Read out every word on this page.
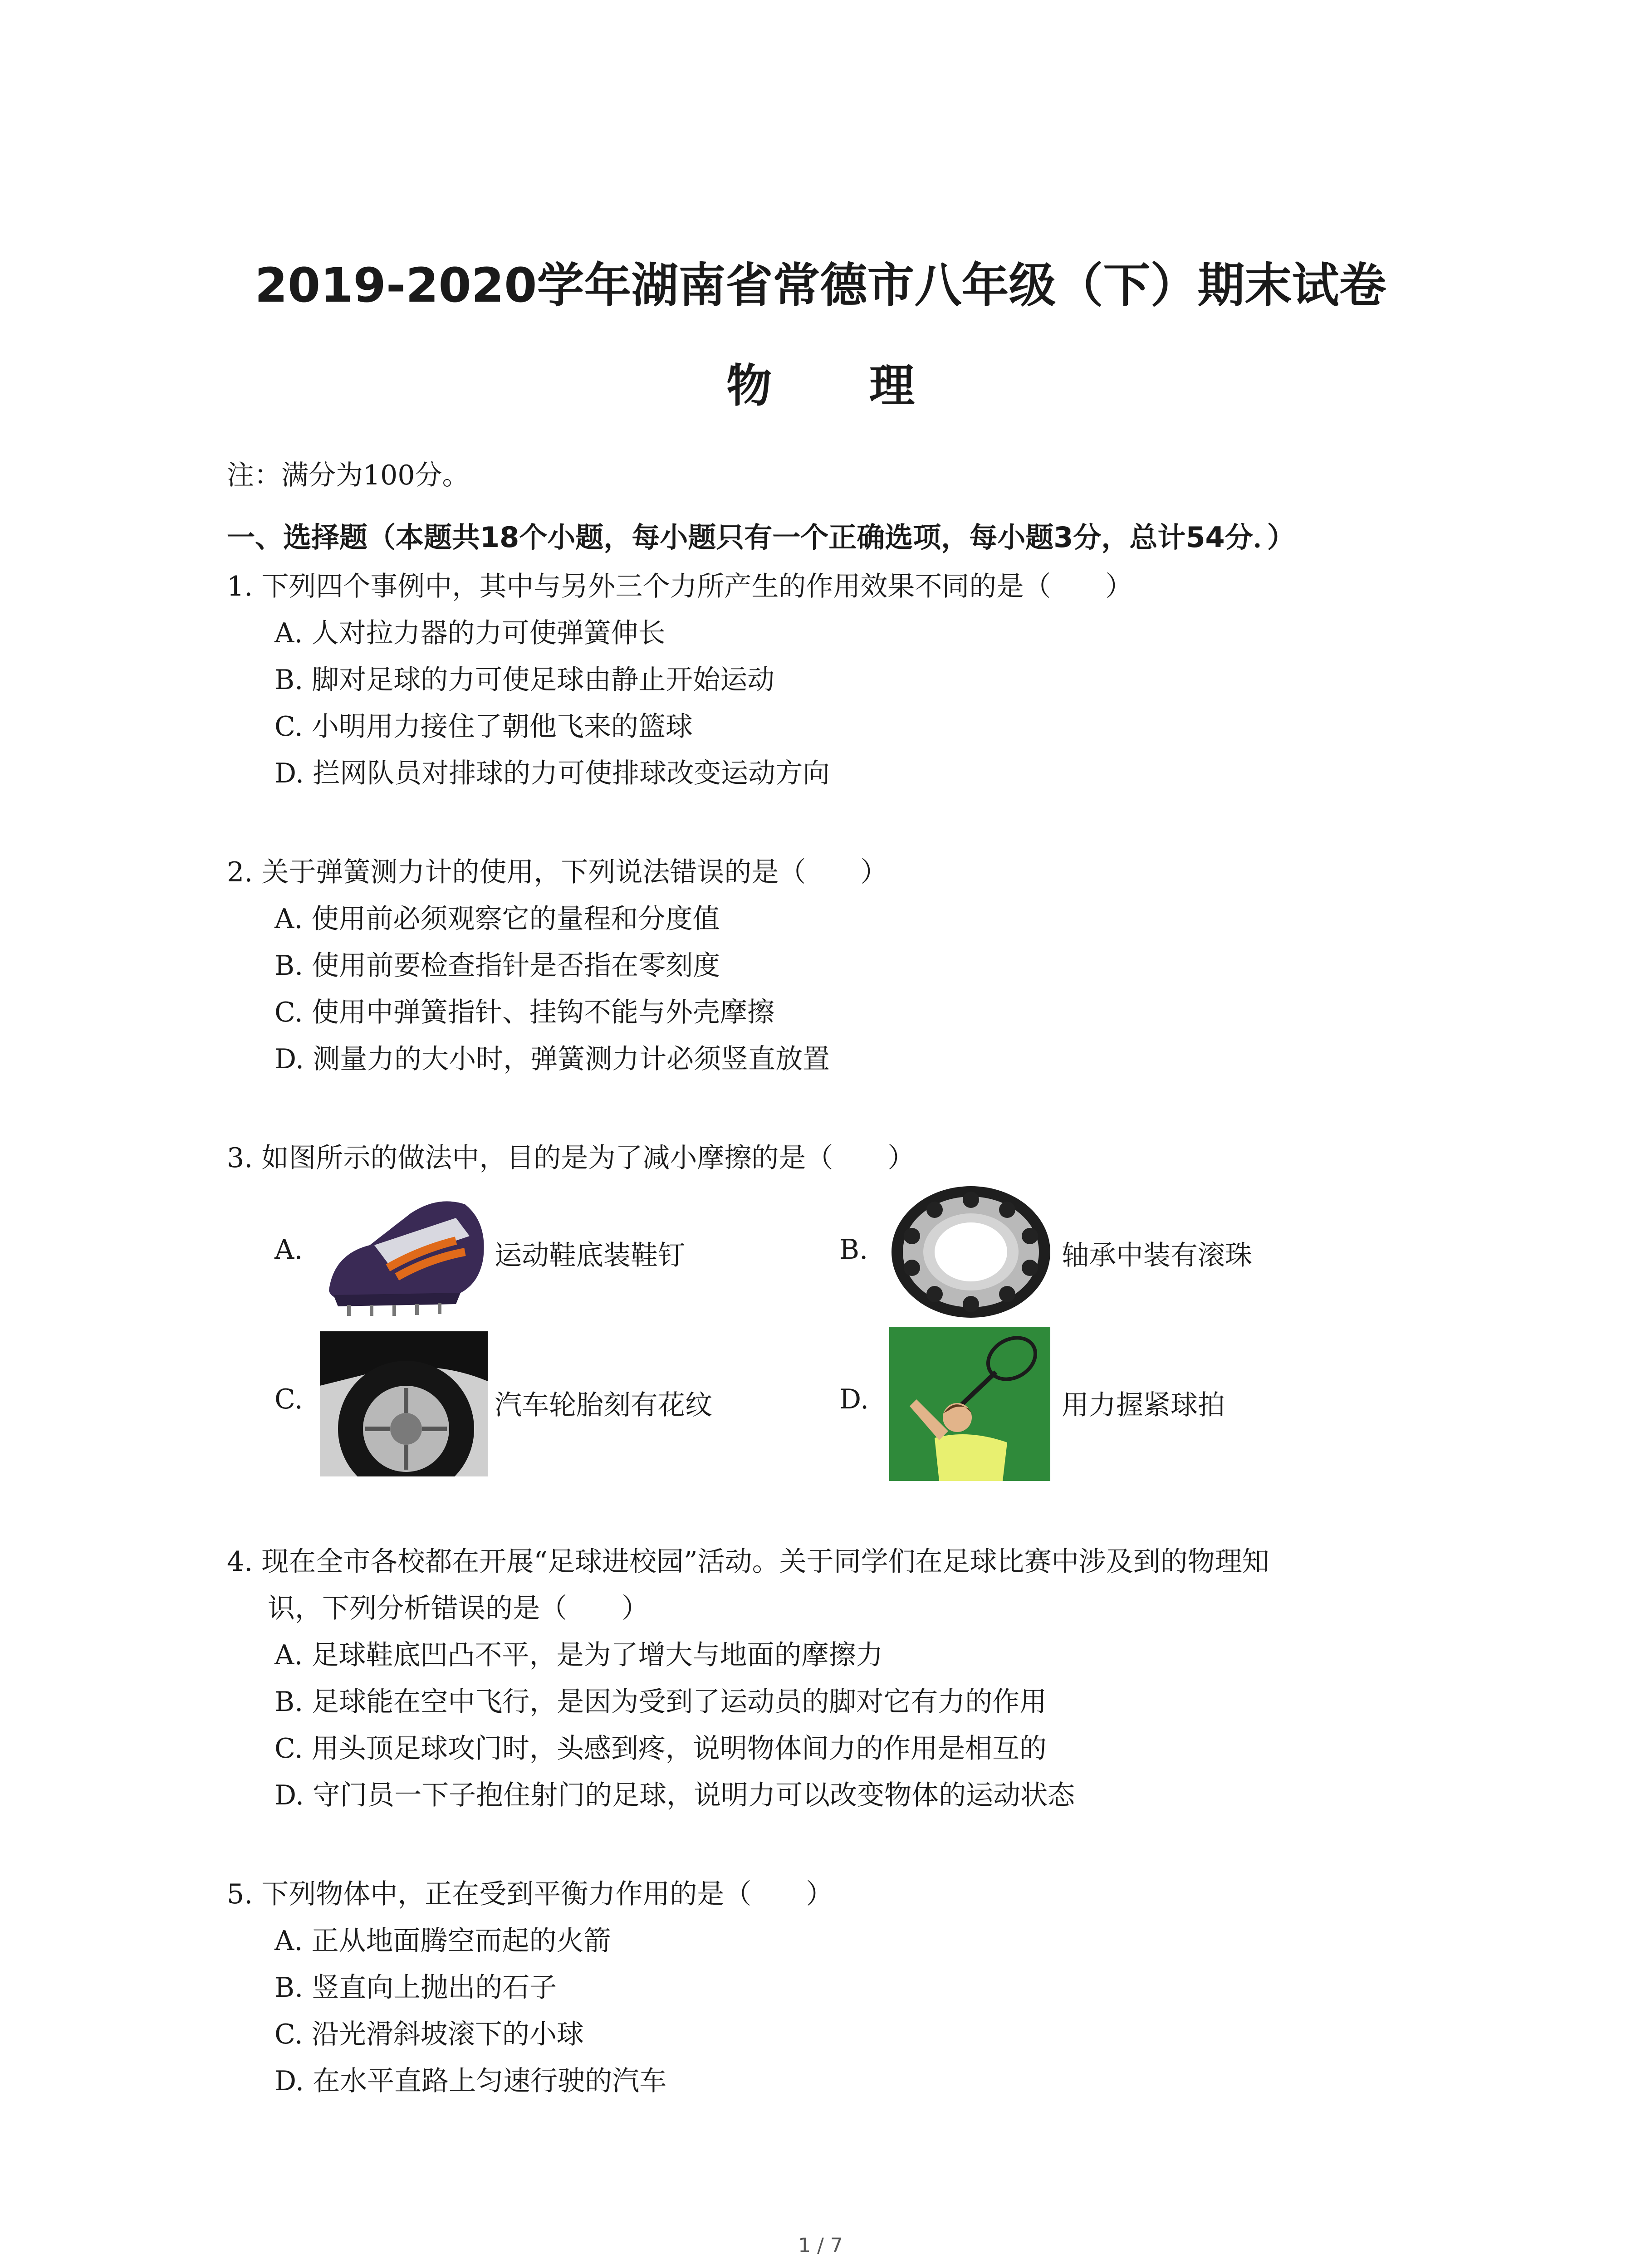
2019-2020学年湖南省常德市八年级（下）期末试卷
物 理
注：满分为100分。
一、选择题（本题共18个小题，每小题只有一个正确选项，每小题3分，总计54分．）
1. 下列四个事例中，其中与另外三个力所产生的作用效果不同的是（　　）
A. 人对拉力器的力可使弹簧伸长
B. 脚对足球的力可使足球由静止开始运动
C. 小明用力接住了朝他飞来的篮球
D. 拦网队员对排球的力可使排球改变运动方向
2. 关于弹簧测力计的使用，下列说法错误的是（　　）
A. 使用前必须观察它的量程和分度值
B. 使用前要检查指针是否指在零刻度
C. 使用中弹簧指针、挂钩不能与外壳摩擦
D. 测量力的大小时，弹簧测力计必须竖直放置
3. 如图所示的做法中，目的是为了减小摩擦的是（　　）
A.	运动鞋底装鞋钉	B.	轴承中装有滚珠
C.	汽车轮胎刻有花纹	D.	用力握紧球拍
4. 现在全市各校都在开展“足球进校园”活动。关于同学们在足球比赛中涉及到的物理知
识，下列分析错误的是（　　）
A. 足球鞋底凹凸不平，是为了增大与地面的摩擦力
B. 足球能在空中飞行，是因为受到了运动员的脚对它有力的作用
C. 用头顶足球攻门时，头感到疼，说明物体间力的作用是相互的
D. 守门员一下子抱住射门的足球，说明力可以改变物体的运动状态
5. 下列物体中，正在受到平衡力作用的是（　　）
A. 正从地面腾空而起的火箭
B. 竖直向上抛出的石子
C. 沿光滑斜坡滚下的小球
D. 在水平直路上匀速行驶的汽车
1 / 7
